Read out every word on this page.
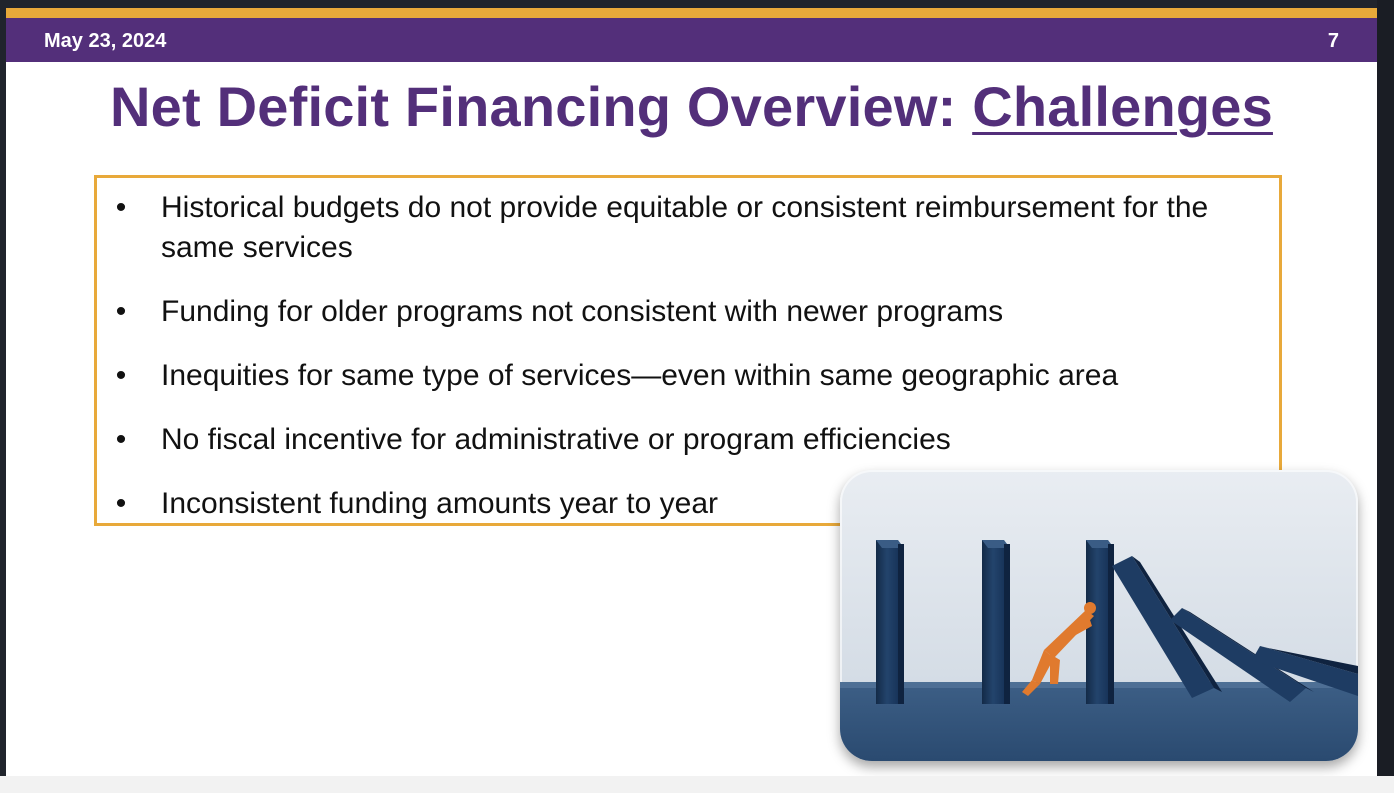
May 23, 2024	7
Net Deficit Financing Overview: Challenges
• Historical budgets do not provide equitable or consistent reimbursement for the same services
• Funding for older programs not consistent with newer programs
• Inequities for same type of services—even within same geographic area
• No fiscal incentive for administrative or program efficiencies
• Inconsistent funding amounts year to year
